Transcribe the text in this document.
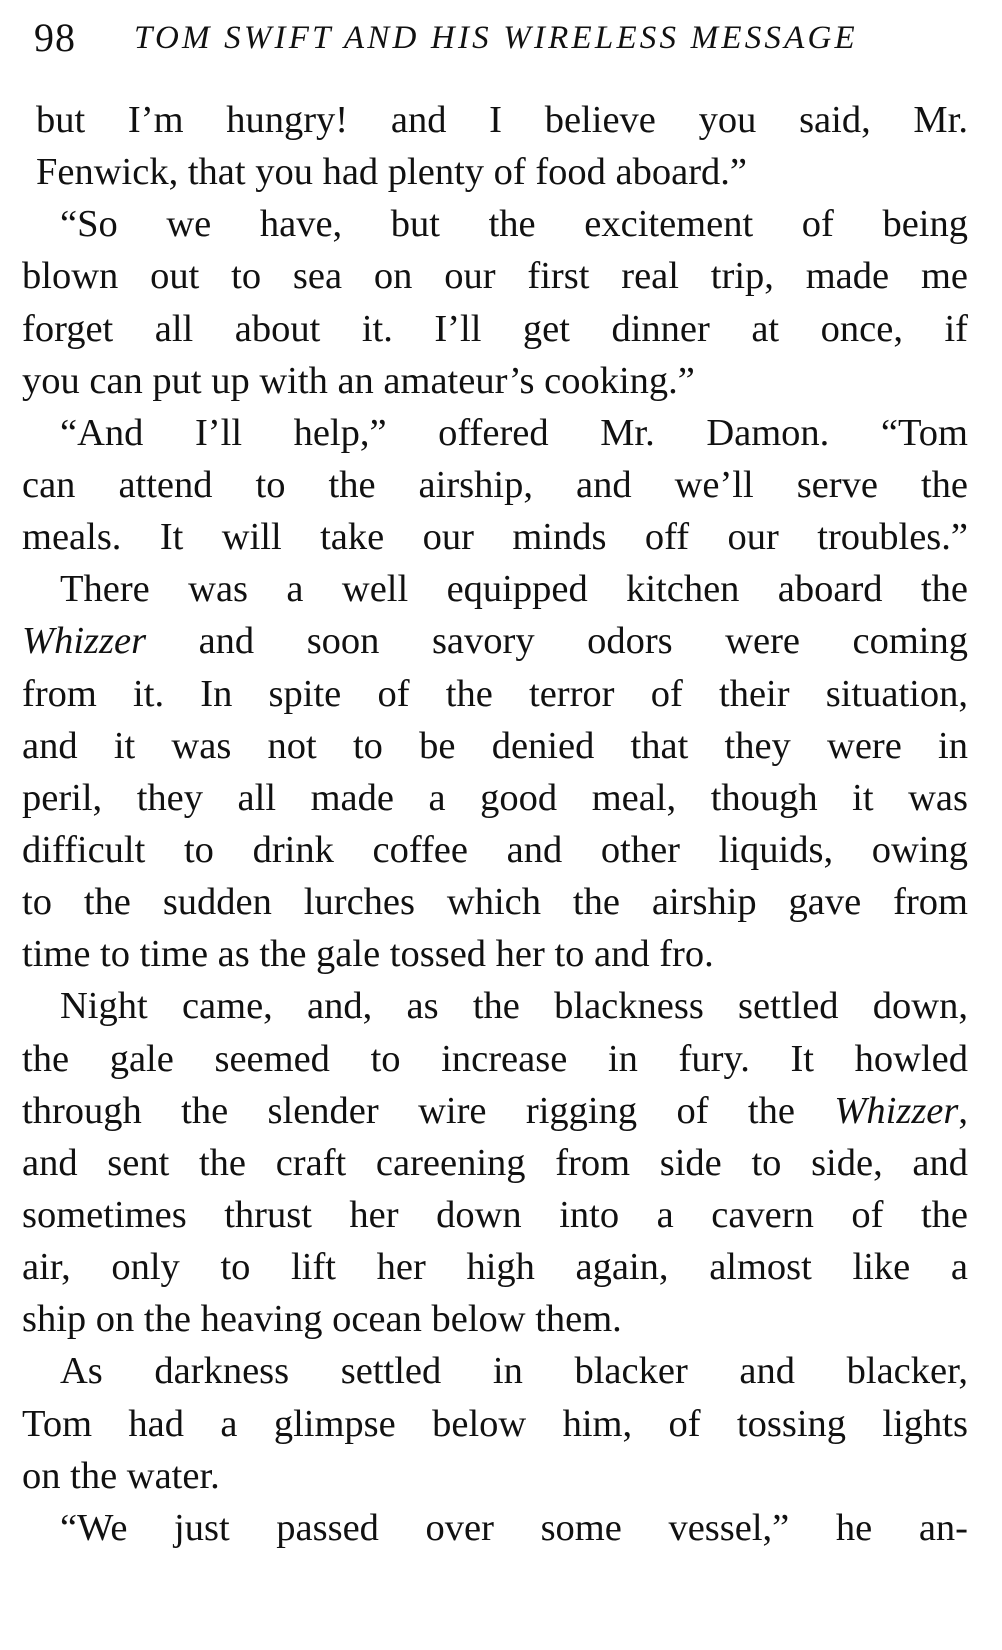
98 TOM SWIFT AND HIS WIRELESS MESSAGE
but I’m hungry! and I believe you said, Mr.
Fenwick, that you had plenty of food aboard.”
“So we have, but the excitement of being
blown out to sea on our first real trip, made me
forget all about it. I’ll get dinner at once, if
you can put up with an amateur’s cooking.”
“And I’ll help,” offered Mr. Damon. “Tom
can attend to the airship, and we’ll serve the
meals. It will take our minds off our troubles.”
There was a well equipped kitchen aboard the
Whizzer and soon savory odors were coming
from it. In spite of the terror of their situation,
and it was not to be denied that they were in
peril, they all made a good meal, though it was
difficult to drink coffee and other liquids, owing
to the sudden lurches which the airship gave from
time to time as the gale tossed her to and fro.
Night came, and, as the blackness settled down,
the gale seemed to increase in fury. It howled
through the slender wire rigging of the Whizzer,
and sent the craft careening from side to side, and
sometimes thrust her down into a cavern of the
air, only to lift her high again, almost like a
ship on the heaving ocean below them.
As darkness settled in blacker and blacker,
Tom had a glimpse below him, of tossing lights
on the water.
“We just passed over some vessel,” he an-
